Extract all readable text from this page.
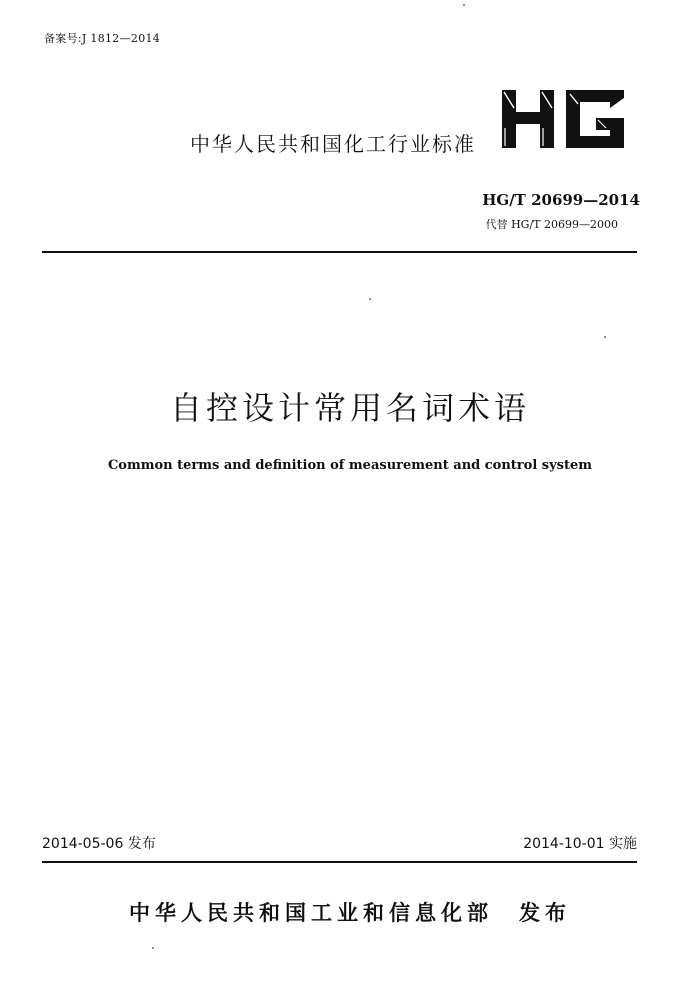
备案号:J 1812—2014
中华人民共和国化工行业标准
HG/T 20699—2014
代替 HG/T 20699—2000
自控设计常用名词术语
Common terms and definition of measurement and control system
2014-05-06 发布	2014-10-01 实施
中华人民共和国工业和信息化部　发布
